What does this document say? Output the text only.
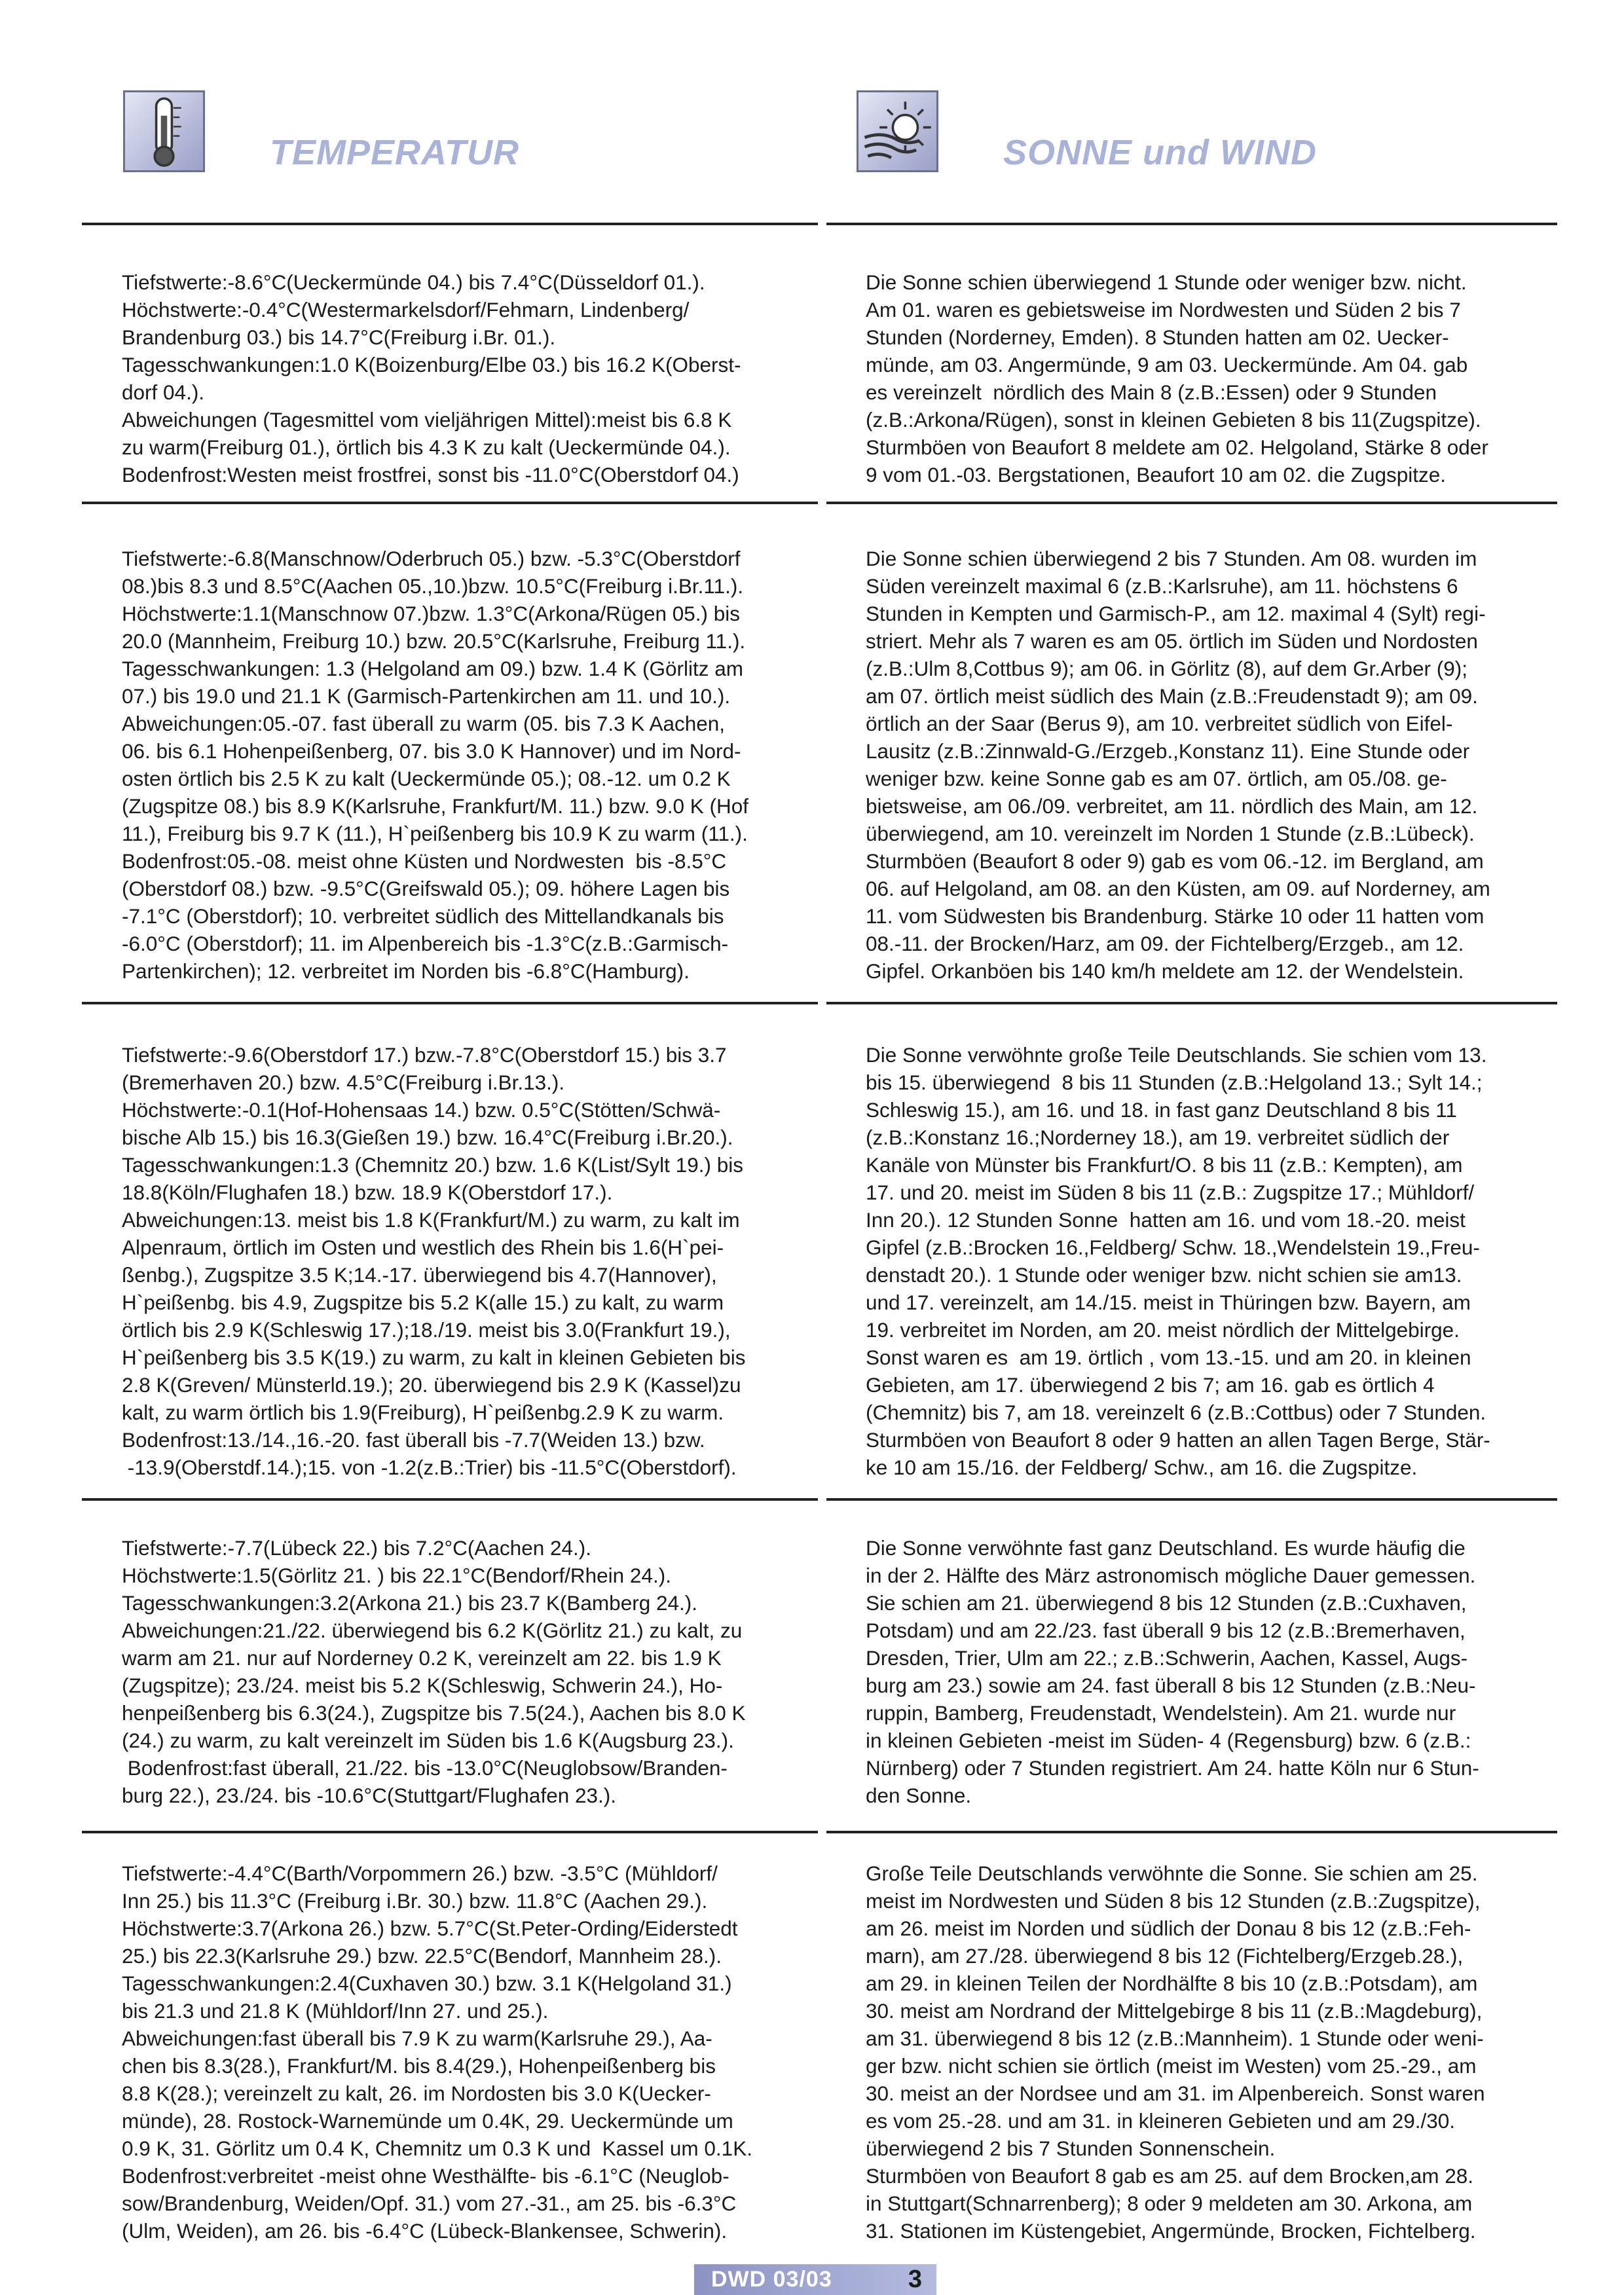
TEMPERATUR	SONNE und WIND
Tiefstwerte:-8.6°C(Ueckermünde 04.) bis 7.4°C(Düsseldorf 01.).
Höchstwerte:-0.4°C(Westermarkelsdorf/Fehmarn, Lindenberg/
Brandenburg 03.) bis 14.7°C(Freiburg i.Br. 01.).
Tagesschwankungen:1.0 K(Boizenburg/Elbe 03.) bis 16.2 K(Oberst-
dorf 04.).
Abweichungen (Tagesmittel vom vieljährigen Mittel):meist bis 6.8 K
zu warm(Freiburg 01.), örtlich bis 4.3 K zu kalt (Ueckermünde 04.).
Bodenfrost:Westen meist frostfrei, sonst bis -11.0°C(Oberstdorf 04.)
Die Sonne schien überwiegend 1 Stunde oder weniger bzw. nicht.
Am 01. waren es gebietsweise im Nordwesten und Süden 2 bis 7
Stunden (Norderney, Emden). 8 Stunden hatten am 02. Uecker-
münde, am 03. Angermünde, 9 am 03. Ueckermünde. Am 04. gab
es vereinzelt  nördlich des Main 8 (z.B.:Essen) oder 9 Stunden
(z.B.:Arkona/Rügen), sonst in kleinen Gebieten 8 bis 11(Zugspitze).
Sturmböen von Beaufort 8 meldete am 02. Helgoland, Stärke 8 oder
9 vom 01.-03. Bergstationen, Beaufort 10 am 02. die Zugspitze.
Tiefstwerte:-6.8(Manschnow/Oderbruch 05.) bzw. -5.3°C(Oberstdorf
08.)bis 8.3 und 8.5°C(Aachen 05.,10.)bzw. 10.5°C(Freiburg i.Br.11.).
Höchstwerte:1.1(Manschnow 07.)bzw. 1.3°C(Arkona/Rügen 05.) bis
20.0 (Mannheim, Freiburg 10.) bzw. 20.5°C(Karlsruhe, Freiburg 11.).
Tagesschwankungen: 1.3 (Helgoland am 09.) bzw. 1.4 K (Görlitz am
07.) bis 19.0 und 21.1 K (Garmisch-Partenkirchen am 11. und 10.).
Abweichungen:05.-07. fast überall zu warm (05. bis 7.3 K Aachen,
06. bis 6.1 Hohenpeißenberg, 07. bis 3.0 K Hannover) und im Nord-
osten örtlich bis 2.5 K zu kalt (Ueckermünde 05.); 08.-12. um 0.2 K
(Zugspitze 08.) bis 8.9 K(Karlsruhe, Frankfurt/M. 11.) bzw. 9.0 K (Hof
11.), Freiburg bis 9.7 K (11.), H`peißenberg bis 10.9 K zu warm (11.).
Bodenfrost:05.-08. meist ohne Küsten und Nordwesten  bis -8.5°C
(Oberstdorf 08.) bzw. -9.5°C(Greifswald 05.); 09. höhere Lagen bis
-7.1°C (Oberstdorf); 10. verbreitet südlich des Mittellandkanals bis
-6.0°C (Oberstdorf); 11. im Alpenbereich bis -1.3°C(z.B.:Garmisch-
Partenkirchen); 12. verbreitet im Norden bis -6.8°C(Hamburg).
Die Sonne schien überwiegend 2 bis 7 Stunden. Am 08. wurden im
Süden vereinzelt maximal 6 (z.B.:Karlsruhe), am 11. höchstens 6
Stunden in Kempten und Garmisch-P., am 12. maximal 4 (Sylt) regi-
striert. Mehr als 7 waren es am 05. örtlich im Süden und Nordosten
(z.B.:Ulm 8,Cottbus 9); am 06. in Görlitz (8), auf dem Gr.Arber (9);
am 07. örtlich meist südlich des Main (z.B.:Freudenstadt 9); am 09.
örtlich an der Saar (Berus 9), am 10. verbreitet südlich von Eifel-
Lausitz (z.B.:Zinnwald-G./Erzgeb.,Konstanz 11). Eine Stunde oder
weniger bzw. keine Sonne gab es am 07. örtlich, am 05./08. ge-
bietsweise, am 06./09. verbreitet, am 11. nördlich des Main, am 12.
überwiegend, am 10. vereinzelt im Norden 1 Stunde (z.B.:Lübeck).
Sturmböen (Beaufort 8 oder 9) gab es vom 06.-12. im Bergland, am
06. auf Helgoland, am 08. an den Küsten, am 09. auf Norderney, am
11. vom Südwesten bis Brandenburg. Stärke 10 oder 11 hatten vom
08.-11. der Brocken/Harz, am 09. der Fichtelberg/Erzgeb., am 12.
Gipfel. Orkanböen bis 140 km/h meldete am 12. der Wendelstein.
Tiefstwerte:-9.6(Oberstdorf 17.) bzw.-7.8°C(Oberstdorf 15.) bis 3.7
(Bremerhaven 20.) bzw. 4.5°C(Freiburg i.Br.13.).
Höchstwerte:-0.1(Hof-Hohensaas 14.) bzw. 0.5°C(Stötten/Schwä-
bische Alb 15.) bis 16.3(Gießen 19.) bzw. 16.4°C(Freiburg i.Br.20.).
Tagesschwankungen:1.3 (Chemnitz 20.) bzw. 1.6 K(List/Sylt 19.) bis
18.8(Köln/Flughafen 18.) bzw. 18.9 K(Oberstdorf 17.).
Abweichungen:13. meist bis 1.8 K(Frankfurt/M.) zu warm, zu kalt im
Alpenraum, örtlich im Osten und westlich des Rhein bis 1.6(H`pei-
ßenbg.), Zugspitze 3.5 K;14.-17. überwiegend bis 4.7(Hannover),
H`peißenbg. bis 4.9, Zugspitze bis 5.2 K(alle 15.) zu kalt, zu warm
örtlich bis 2.9 K(Schleswig 17.);18./19. meist bis 3.0(Frankfurt 19.),
H`peißenberg bis 3.5 K(19.) zu warm, zu kalt in kleinen Gebieten bis
2.8 K(Greven/ Münsterld.19.); 20. überwiegend bis 2.9 K (Kassel)zu
kalt, zu warm örtlich bis 1.9(Freiburg), H`peißenbg.2.9 K zu warm.
Bodenfrost:13./14.,16.-20. fast überall bis -7.7(Weiden 13.) bzw.
-13.9(Oberstdf.14.);15. von -1.2(z.B.:Trier) bis -11.5°C(Oberstdorf).
Die Sonne verwöhnte große Teile Deutschlands. Sie schien vom 13.
bis 15. überwiegend  8 bis 11 Stunden (z.B.:Helgoland 13.; Sylt 14.;
Schleswig 15.), am 16. und 18. in fast ganz Deutschland 8 bis 11
(z.B.:Konstanz 16.;Norderney 18.), am 19. verbreitet südlich der
Kanäle von Münster bis Frankfurt/O. 8 bis 11 (z.B.: Kempten), am
17. und 20. meist im Süden 8 bis 11 (z.B.: Zugspitze 17.; Mühldorf/
Inn 20.). 12 Stunden Sonne  hatten am 16. und vom 18.-20. meist
Gipfel (z.B.:Brocken 16.,Feldberg/ Schw. 18.,Wendelstein 19.,Freu-
denstadt 20.). 1 Stunde oder weniger bzw. nicht schien sie am13.
und 17. vereinzelt, am 14./15. meist in Thüringen bzw. Bayern, am
19. verbreitet im Norden, am 20. meist nördlich der Mittelgebirge.
Sonst waren es  am 19. örtlich , vom 13.-15. und am 20. in kleinen
Gebieten, am 17. überwiegend 2 bis 7; am 16. gab es örtlich 4
(Chemnitz) bis 7, am 18. vereinzelt 6 (z.B.:Cottbus) oder 7 Stunden.
Sturmböen von Beaufort 8 oder 9 hatten an allen Tagen Berge, Stär-
ke 10 am 15./16. der Feldberg/ Schw., am 16. die Zugspitze.
Tiefstwerte:-7.7(Lübeck 22.) bis 7.2°C(Aachen 24.).
Höchstwerte:1.5(Görlitz 21. ) bis 22.1°C(Bendorf/Rhein 24.).
Tagesschwankungen:3.2(Arkona 21.) bis 23.7 K(Bamberg 24.).
Abweichungen:21./22. überwiegend bis 6.2 K(Görlitz 21.) zu kalt, zu
warm am 21. nur auf Norderney 0.2 K, vereinzelt am 22. bis 1.9 K
(Zugspitze); 23./24. meist bis 5.2 K(Schleswig, Schwerin 24.), Ho-
henpeißenberg bis 6.3(24.), Zugspitze bis 7.5(24.), Aachen bis 8.0 K
(24.) zu warm, zu kalt vereinzelt im Süden bis 1.6 K(Augsburg 23.).
Bodenfrost:fast überall, 21./22. bis -13.0°C(Neuglobsow/Branden-
burg 22.), 23./24. bis -10.6°C(Stuttgart/Flughafen 23.).
Die Sonne verwöhnte fast ganz Deutschland. Es wurde häufig die
in der 2. Hälfte des März astronomisch mögliche Dauer gemessen.
Sie schien am 21. überwiegend 8 bis 12 Stunden (z.B.:Cuxhaven,
Potsdam) und am 22./23. fast überall 9 bis 12 (z.B.:Bremerhaven,
Dresden, Trier, Ulm am 22.; z.B.:Schwerin, Aachen, Kassel, Augs-
burg am 23.) sowie am 24. fast überall 8 bis 12 Stunden (z.B.:Neu-
ruppin, Bamberg, Freudenstadt, Wendelstein). Am 21. wurde nur
in kleinen Gebieten -meist im Süden- 4 (Regensburg) bzw. 6 (z.B.:
Nürnberg) oder 7 Stunden registriert. Am 24. hatte Köln nur 6 Stun-
den Sonne.
Tiefstwerte:-4.4°C(Barth/Vorpommern 26.) bzw. -3.5°C (Mühldorf/
Inn 25.) bis 11.3°C (Freiburg i.Br. 30.) bzw. 11.8°C (Aachen 29.).
Höchstwerte:3.7(Arkona 26.) bzw. 5.7°C(St.Peter-Ording/Eiderstedt
25.) bis 22.3(Karlsruhe 29.) bzw. 22.5°C(Bendorf, Mannheim 28.).
Tagesschwankungen:2.4(Cuxhaven 30.) bzw. 3.1 K(Helgoland 31.)
bis 21.3 und 21.8 K (Mühldorf/Inn 27. und 25.).
Abweichungen:fast überall bis 7.9 K zu warm(Karlsruhe 29.), Aa-
chen bis 8.3(28.), Frankfurt/M. bis 8.4(29.), Hohenpeißenberg bis
8.8 K(28.); vereinzelt zu kalt, 26. im Nordosten bis 3.0 K(Uecker-
münde), 28. Rostock-Warnemünde um 0.4K, 29. Ueckermünde um
0.9 K, 31. Görlitz um 0.4 K, Chemnitz um 0.3 K und  Kassel um 0.1K.
Bodenfrost:verbreitet -meist ohne Westhälfte- bis -6.1°C (Neuglob-
sow/Brandenburg, Weiden/Opf. 31.) vom 27.-31., am 25. bis -6.3°C
(Ulm, Weiden), am 26. bis -6.4°C (Lübeck-Blankensee, Schwerin).
Große Teile Deutschlands verwöhnte die Sonne. Sie schien am 25.
meist im Nordwesten und Süden 8 bis 12 Stunden (z.B.:Zugspitze),
am 26. meist im Norden und südlich der Donau 8 bis 12 (z.B.:Feh-
marn), am 27./28. überwiegend 8 bis 12 (Fichtelberg/Erzgeb.28.),
am 29. in kleinen Teilen der Nordhälfte 8 bis 10 (z.B.:Potsdam), am
30. meist am Nordrand der Mittelgebirge 8 bis 11 (z.B.:Magdeburg),
am 31. überwiegend 8 bis 12 (z.B.:Mannheim). 1 Stunde oder weni-
ger bzw. nicht schien sie örtlich (meist im Westen) vom 25.-29., am
30. meist an der Nordsee und am 31. im Alpenbereich. Sonst waren
es vom 25.-28. und am 31. in kleineren Gebieten und am 29./30.
überwiegend 2 bis 7 Stunden Sonnenschein.
Sturmböen von Beaufort 8 gab es am 25. auf dem Brocken,am 28.
in Stuttgart(Schnarrenberg); 8 oder 9 meldeten am 30. Arkona, am
31. Stationen im Küstengebiet, Angermünde, Brocken, Fichtelberg.
DWD 03/03	3
